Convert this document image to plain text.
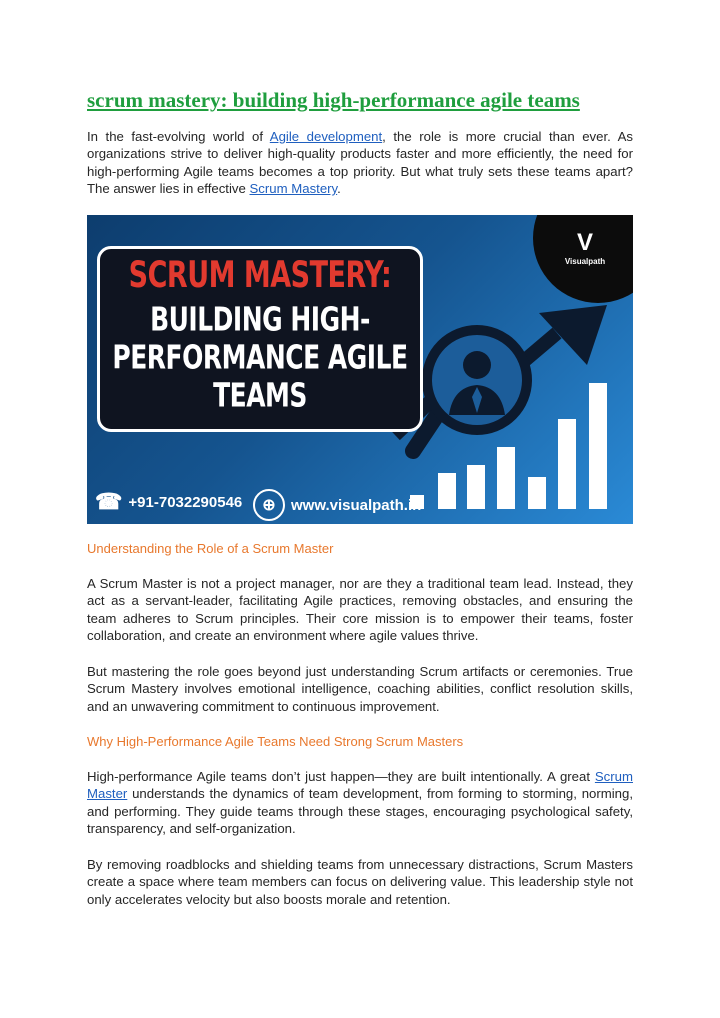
scrum mastery: building high-performance agile teams

In the fast-evolving world of Agile development, the role is more crucial than ever. As organizations strive to deliver high-quality products faster and more efficiently, the need for high-performing Agile teams becomes a top priority. But what truly sets these teams apart? The answer lies in effective Scrum Mastery.

Understanding the Role of a Scrum Master

A Scrum Master is not a project manager, nor are they a traditional team lead. Instead, they act as a servant-leader, facilitating Agile practices, removing obstacles, and ensuring the team adheres to Scrum principles. Their core mission is to empower their teams, foster collaboration, and create an environment where agile values thrive.

But mastering the role goes beyond just understanding Scrum artifacts or ceremonies. True Scrum Mastery involves emotional intelligence, coaching abilities, conflict resolution skills, and an unwavering commitment to continuous improvement.

Why High-Performance Agile Teams Need Strong Scrum Masters

High-performance Agile teams don’t just happen—they are built intentionally. A great Scrum Master understands the dynamics of team development, from forming to storming, norming, and performing. They guide teams through these stages, encouraging psychological safety, transparency, and self-organization.

By removing roadblocks and shielding teams from unnecessary distractions, Scrum Masters create a space where team members can focus on delivering value. This leadership style not only accelerates velocity but also boosts morale and retention.

SCRUM MASTERY:
BUILDING HIGH-
PERFORMANCE AGILE
TEAMS
V
Visualpath
☎ +91-7032290546	⊕	www.visualpath.in
